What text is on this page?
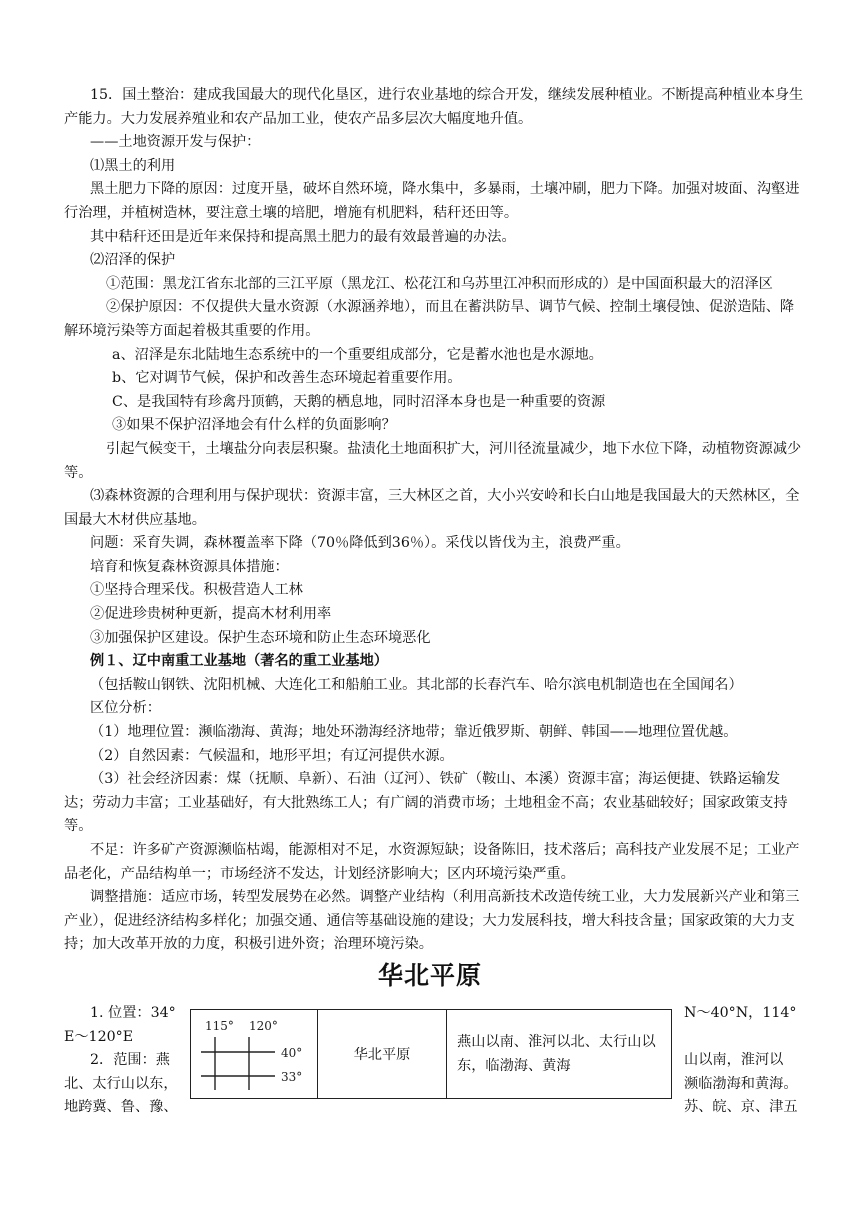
15．国土整治：建成我国最大的现代化垦区，进行农业基地的综合开发，继续发展种植业。不断提高种植业本身生产能力。大力发展养殖业和农产品加工业，使农产品多层次大幅度地升值。

——土地资源开发与保护：

⑴黑土的利用

黑土肥力下降的原因：过度开垦，破坏自然环境，降水集中，多暴雨，土壤冲刷，肥力下降。加强对坡面、沟壑进行治理，并植树造林，要注意土壤的培肥，增施有机肥料，秸秆还田等。

其中秸秆还田是近年来保持和提高黑土肥力的最有效最普遍的办法。

⑵沼泽的保护

①范围：黑龙江省东北部的三江平原（黑龙江、松花江和乌苏里江冲积而形成的）是中国面积最大的沼泽区

②保护原因：不仅提供大量水资源（水源涵养地），而且在蓄洪防旱、调节气候、控制土壤侵蚀、促淤造陆、降解环境污染等方面起着极其重要的作用。

a、沼泽是东北陆地生态系统中的一个重要组成部分，它是蓄水池也是水源地。

b、它对调节气候，保护和改善生态环境起着重要作用。

C、是我国特有珍禽丹顶鹤，天鹅的栖息地，同时沼泽本身也是一种重要的资源

③如果不保护沼泽地会有什么样的负面影响？

引起气候变干，土壤盐分向表层积聚。盐渍化土地面积扩大，河川径流量减少，地下水位下降，动植物资源减少等。

⑶森林资源的合理利用与保护现状：资源丰富，三大林区之首，大小兴安岭和长白山地是我国最大的天然林区，全国最大木材供应基地。

问题：采育失调，森林覆盖率下降（70％降低到36％）。采伐以皆伐为主，浪费严重。

培育和恢复森林资源具体措施：

①坚持合理采伐。积极营造人工林

②促进珍贵树种更新，提高木材利用率

③加强保护区建设。保护生态环境和防止生态环境恶化

例１、辽中南重工业基地（著名的重工业基地）

（包括鞍山钢铁、沈阳机械、大连化工和船舶工业。其北部的长春汽车、哈尔滨电机制造也在全国闻名）

区位分析：

（1）地理位置：濒临渤海、黄海；地处环渤海经济地带；靠近俄罗斯、朝鲜、韩国——地理位置优越。

（2）自然因素：气候温和，地形平坦；有辽河提供水源。

（3）社会经济因素：煤（抚顺、阜新）、石油（辽河）、铁矿（鞍山、本溪）资源丰富；海运便捷、铁路运输发达；劳动力丰富；工业基础好，有大批熟练工人；有广阔的消费市场；土地租金不高；农业基础较好；国家政策支持等。

不足：许多矿产资源濒临枯竭，能源相对不足，水资源短缺；设备陈旧，技术落后；高科技产业发展不足；工业产品老化，产品结构单一；市场经济不发达，计划经济影响大；区内环境污染严重。

调整措施：适应市场，转型发展势在必然。调整产业结构（利用高新技术改造传统工业，大力发展新兴产业和第三产业），促进经济结构多样化；加强交通、通信等基础设施的建设；大力发展科技，增大科技含量；国家政策的大力支持；加大改革开放的力度，积极引进外资；治理环境污染。

华北平原

1. 位置：34°

E～120°E

2．范围：燕

北、太行山以东，

地跨冀、鲁、豫、

N～40°N，114°

山以南，淮河以

濒临渤海和黄海。

苏、皖、京、津五

115° 120°
40°
33°
	华北平原	燕山以南、淮河以北、太行山以东，临渤海、黄海
